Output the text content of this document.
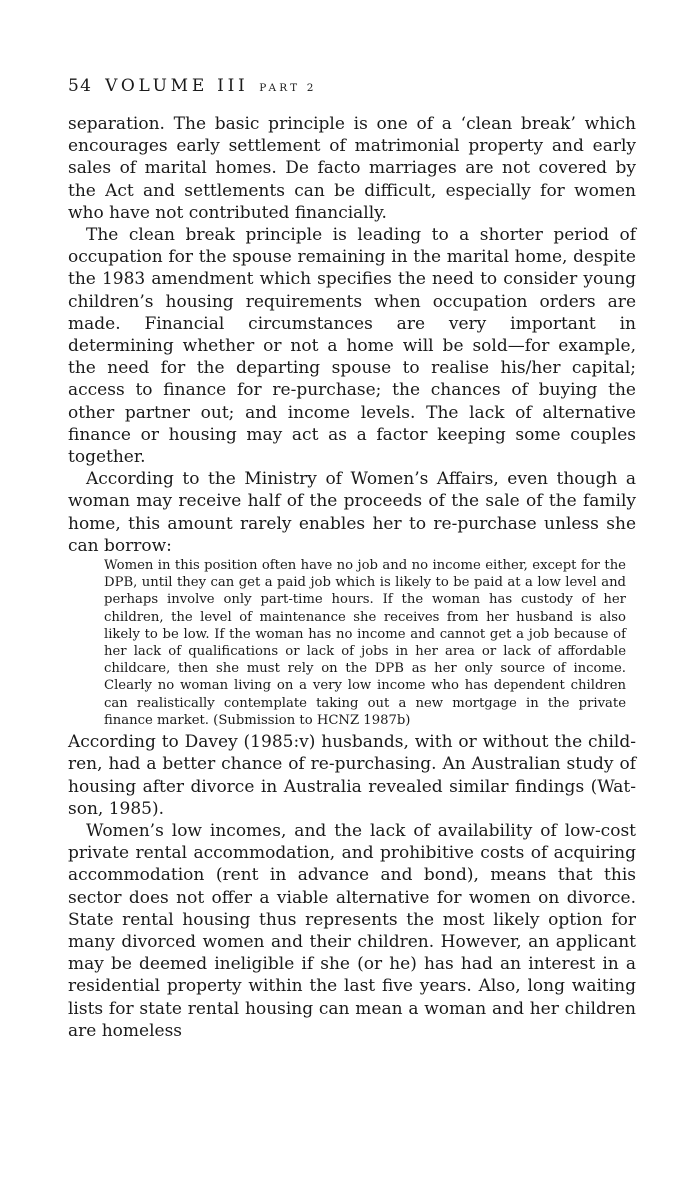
54 VOLUME III PART 2

separation. The basic principle is one of a ‘clean break’ which encourages early settlement of matrimonial property and early sales of marital homes. De facto marriages are not covered by the Act and settlements can be difficult, especially for women who have not contributed financially.

The clean break principle is leading to a shorter period of occupation for the spouse remaining in the marital home, despite the 1983 amendment which specifies the need to consider young children’s housing requirements when occupation orders are made. Financial circumstances are very important in determining whether or not a home will be sold—for example, the need for the departing spouse to realise his/her capital; access to finance for re-purchase; the chances of buying the other partner out; and income levels. The lack of alternative finance or housing may act as a factor keeping some couples together.

According to the Ministry of Women’s Affairs, even though a woman may receive half of the proceeds of the sale of the family home, this amount rarely enables her to re-purchase unless she can borrow:

Women in this position often have no job and no income either, except for the DPB, until they can get a paid job which is likely to be paid at a low level and perhaps involve only part-time hours. If the woman has custody of her children, the level of maintenance she receives from her husband is also likely to be low. If the woman has no income and cannot get a job because of her lack of qualifications or lack of jobs in her area or lack of affordable childcare, then she must rely on the DPB as her only source of income. Clearly no woman living on a very low income who has dependent children can realistically contemplate taking out a new mortgage in the private finance market. (Submission to HCNZ 1987b)

According to Davey (1985:v) husbands, with or without the children, had a better chance of re-purchasing. An Australian study of housing after divorce in Australia revealed similar findings (Watson, 1985).

Women’s low incomes, and the lack of availability of low-cost private rental accommodation, and prohibitive costs of acquiring accommodation (rent in advance and bond), means that this sector does not offer a viable alternative for women on divorce. State rental housing thus represents the most likely option for many divorced women and their children. However, an applicant may be deemed ineligible if she (or he) has had an interest in a residential property within the last five years. Also, long waiting lists for state rental housing can mean a woman and her children are homeless
